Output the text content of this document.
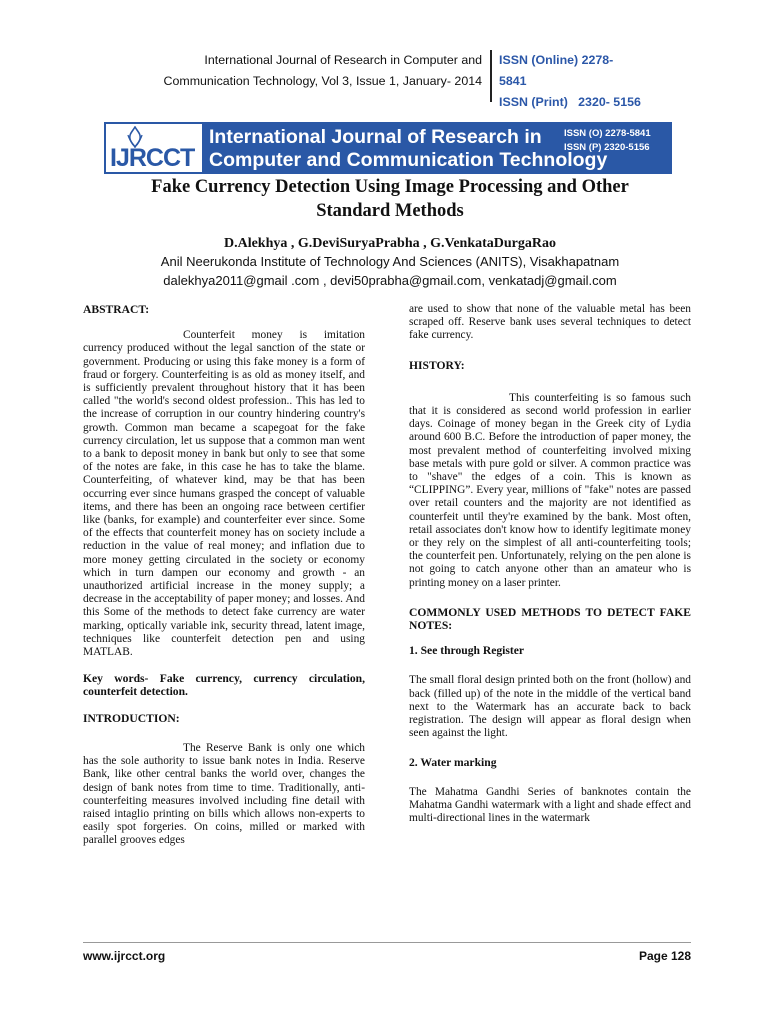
International Journal of Research in Computer and
Communication Technology, Vol 3, Issue 1, January- 2014
ISSN (Online) 2278- 5841
ISSN (Print)   2320- 5156
IJRCCT
International Journal of Research in
Computer and Communication Technology
ISSN (O) 2278-5841
ISSN (P) 2320-5156
Fake Currency Detection Using Image Processing and Other Standard Methods
D.Alekhya , G.DeviSuryaPrabha , G.VenkataDurgaRao
Anil Neerukonda Institute of Technology And Sciences (ANITS), Visakhapatnam
dalekhya2011@gmail .com , devi50prabha@gmail.com, venkatadj@gmail.com

ABSTRACT:

Counterfeit money is imitation currency produced without the legal sanction of the state or government. Producing or using this fake money is a form of fraud or forgery. Counterfeiting is as old as money itself, and is sufficiently prevalent throughout history that it has been called "the world's second oldest profession.. This has led to the increase of corruption in our country hindering country's growth. Common man became a scapegoat for the fake currency circulation, let us suppose that a common man went to a bank to deposit money in bank but only to see that some of the notes are fake, in this case he has to take the blame. Counterfeiting, of whatever kind, may be that has been occurring ever since humans grasped the concept of valuable items, and there has been an ongoing race between certifier like (banks, for example) and counterfeiter ever since. Some of the effects that counterfeit money has on society include a reduction in the value of real money; and inflation due to more money getting circulated in the society or economy which in turn dampen our economy and growth - an unauthorized artificial increase in the money supply; a decrease in the acceptability of paper money; and losses. And this Some of the methods to detect fake currency are water marking, optically variable ink, security thread, latent image, techniques like counterfeit detection pen and using MATLAB.

Key words- Fake currency, currency circulation, counterfeit detection.

INTRODUCTION:

The Reserve Bank is only one which has the sole authority to issue bank notes in India. Reserve Bank, like other central banks the world over, changes the design of bank notes from time to time. Traditionally, anti-counterfeiting measures involved including fine detail with raised intaglio printing on bills which allows non-experts to easily spot forgeries. On coins, milled or marked with parallel grooves edges

are used to show that none of the valuable metal has been scraped off. Reserve bank uses several techniques to detect fake currency.

HISTORY:

This counterfeiting is so famous such that it is considered as second world profession in earlier days. Coinage of money began in the Greek city of Lydia around 600 B.C. Before the introduction of paper money, the most prevalent method of counterfeiting involved mixing base metals with pure gold or silver. A common practice was to "shave" the edges of a coin. This is known as “CLIPPING”. Every year, millions of "fake" notes are passed over retail counters and the majority are not identified as counterfeit until they're examined by the bank. Most often, retail associates don't know how to identify legitimate money or they rely on the simplest of all anti-counterfeiting tools; the counterfeit pen. Unfortunately, relying on the pen alone is not going to catch anyone other than an amateur who is printing money on a laser printer.

COMMONLY USED METHODS TO DETECT FAKE NOTES:

1. See through Register

The small floral design printed both on the front (hollow) and back (filled up) of the note in the middle of the vertical band next to the Watermark has an accurate back to back registration. The design will appear as floral design when seen against the light.

2. Water marking

The Mahatma Gandhi Series of banknotes contain the Mahatma Gandhi watermark with a light and shade effect and multi-directional lines in the watermark

www.ijrcct.org	Page 128
